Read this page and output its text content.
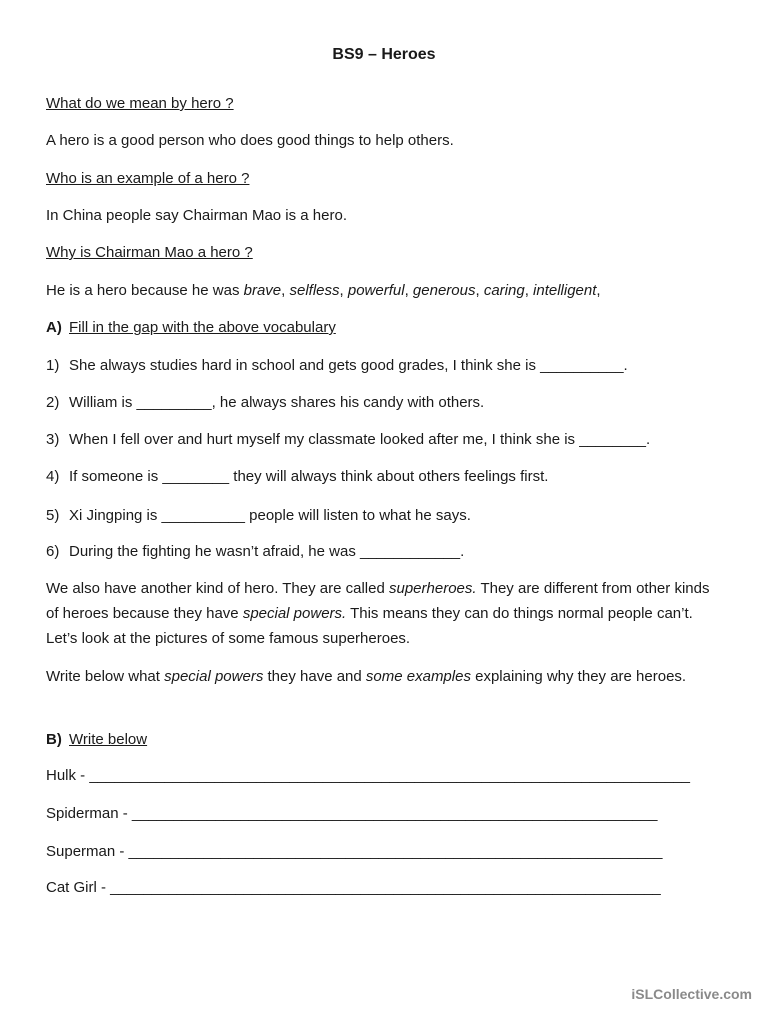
BS9 – Heroes
What do we mean by hero ?
A hero is a good person who does good things to help others.
Who is an example of a hero ?
In China people say Chairman Mao is a hero.
Why is Chairman Mao a hero ?
He is a hero because he was brave, selfless, powerful, generous, caring, intelligent,
A) Fill in the gap with the above vocabulary
1) She always studies hard in school and gets good grades, I think she is __________.
2) William is _________, he always shares his candy with others.
3) When I fell over and hurt myself my classmate looked after me, I think she is ________.
4) If someone is ________ they will always think about others feelings first.
5) Xi Jingping is __________ people will listen to what he says.
6) During the fighting he wasn’t afraid, he was ____________.
We also have another kind of hero. They are called superheroes. They are different from other kinds of heroes because they have special powers. This means they can do things normal people can’t. Let’s look at the pictures of some famous superheroes.
Write below what special powers they have and some examples explaining why they are heroes.
B) Write below
Hulk - ________________________________________________________________________
Spiderman - _______________________________________________________________
Superman - ________________________________________________________________
Cat Girl - __________________________________________________________________
iSLCollective.com
